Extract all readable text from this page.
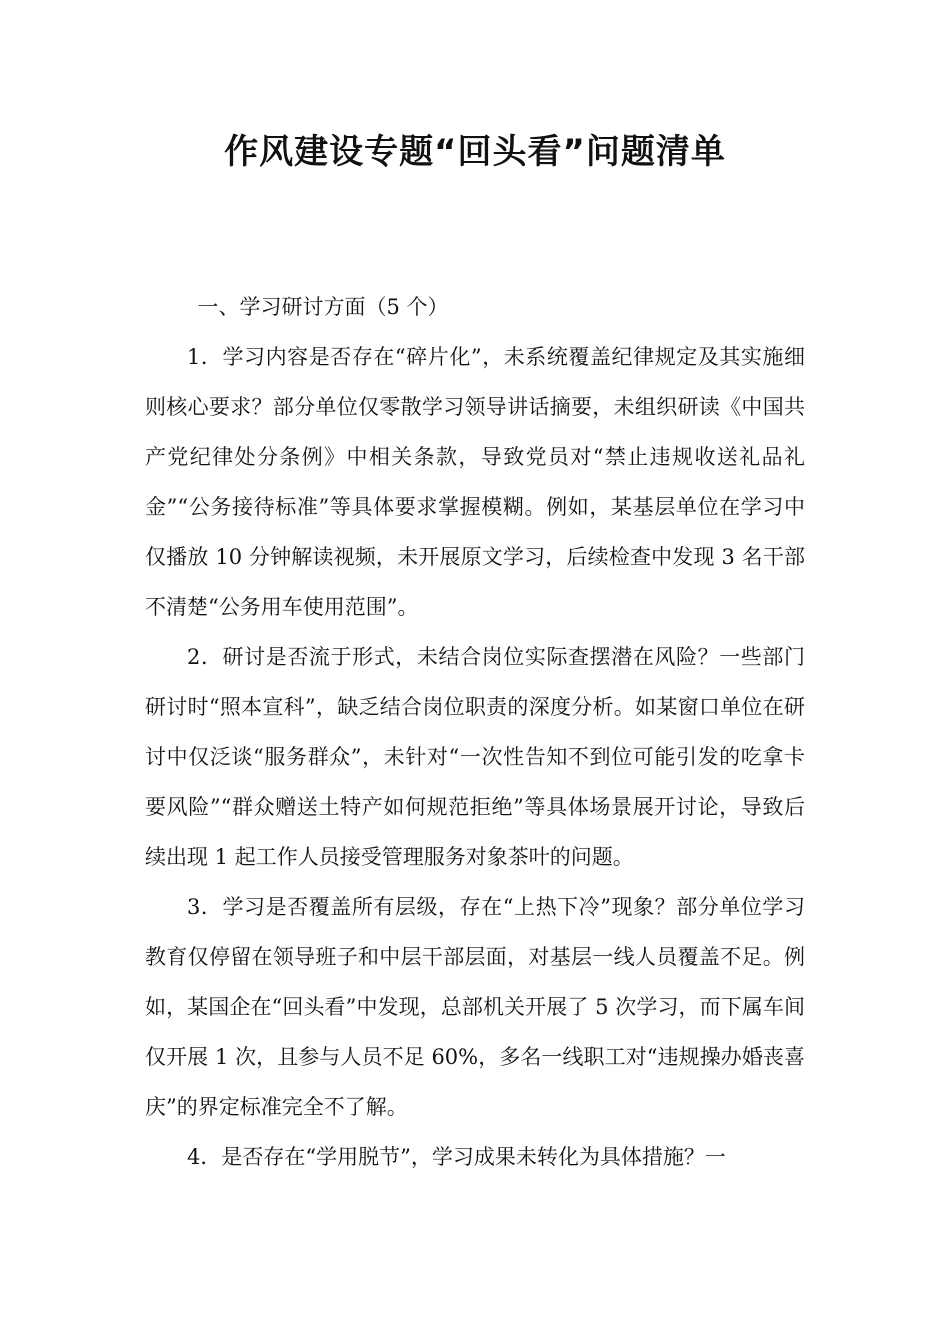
作风建设专题“回头看”问题清单

一、学习研讨方面（5 个）

1．学习内容是否存在“碎片化”，未系统覆盖纪律规定及其实施细则核心要求？部分单位仅零散学习领导讲话摘要，未组织研读《中国共产党纪律处分条例》中相关条款，导致党员对“禁止违规收送礼品礼金”“公务接待标准”等具体要求掌握模糊。例如，某基层单位在学习中仅播放 10 分钟解读视频，未开展原文学习，后续检查中发现 3 名干部不清楚“公务用车使用范围”。

2．研讨是否流于形式，未结合岗位实际查摆潜在风险？一些部门研讨时“照本宣科”，缺乏结合岗位职责的深度分析。如某窗口单位在研讨中仅泛谈“服务群众”，未针对“一次性告知不到位可能引发的吃拿卡要风险”“群众赠送土特产如何规范拒绝”等具体场景展开讨论，导致后续出现 1 起工作人员接受管理服务对象茶叶的问题。

3．学习是否覆盖所有层级，存在“上热下冷”现象？部分单位学习教育仅停留在领导班子和中层干部层面，对基层一线人员覆盖不足。例如，某国企在“回头看”中发现，总部机关开展了 5 次学习，而下属车间仅开展 1 次，且参与人员不足 60%，多名一线职工对“违规操办婚丧喜庆”的界定标准完全不了解。

4．是否存在“学用脱节”，学习成果未转化为具体措施？一
